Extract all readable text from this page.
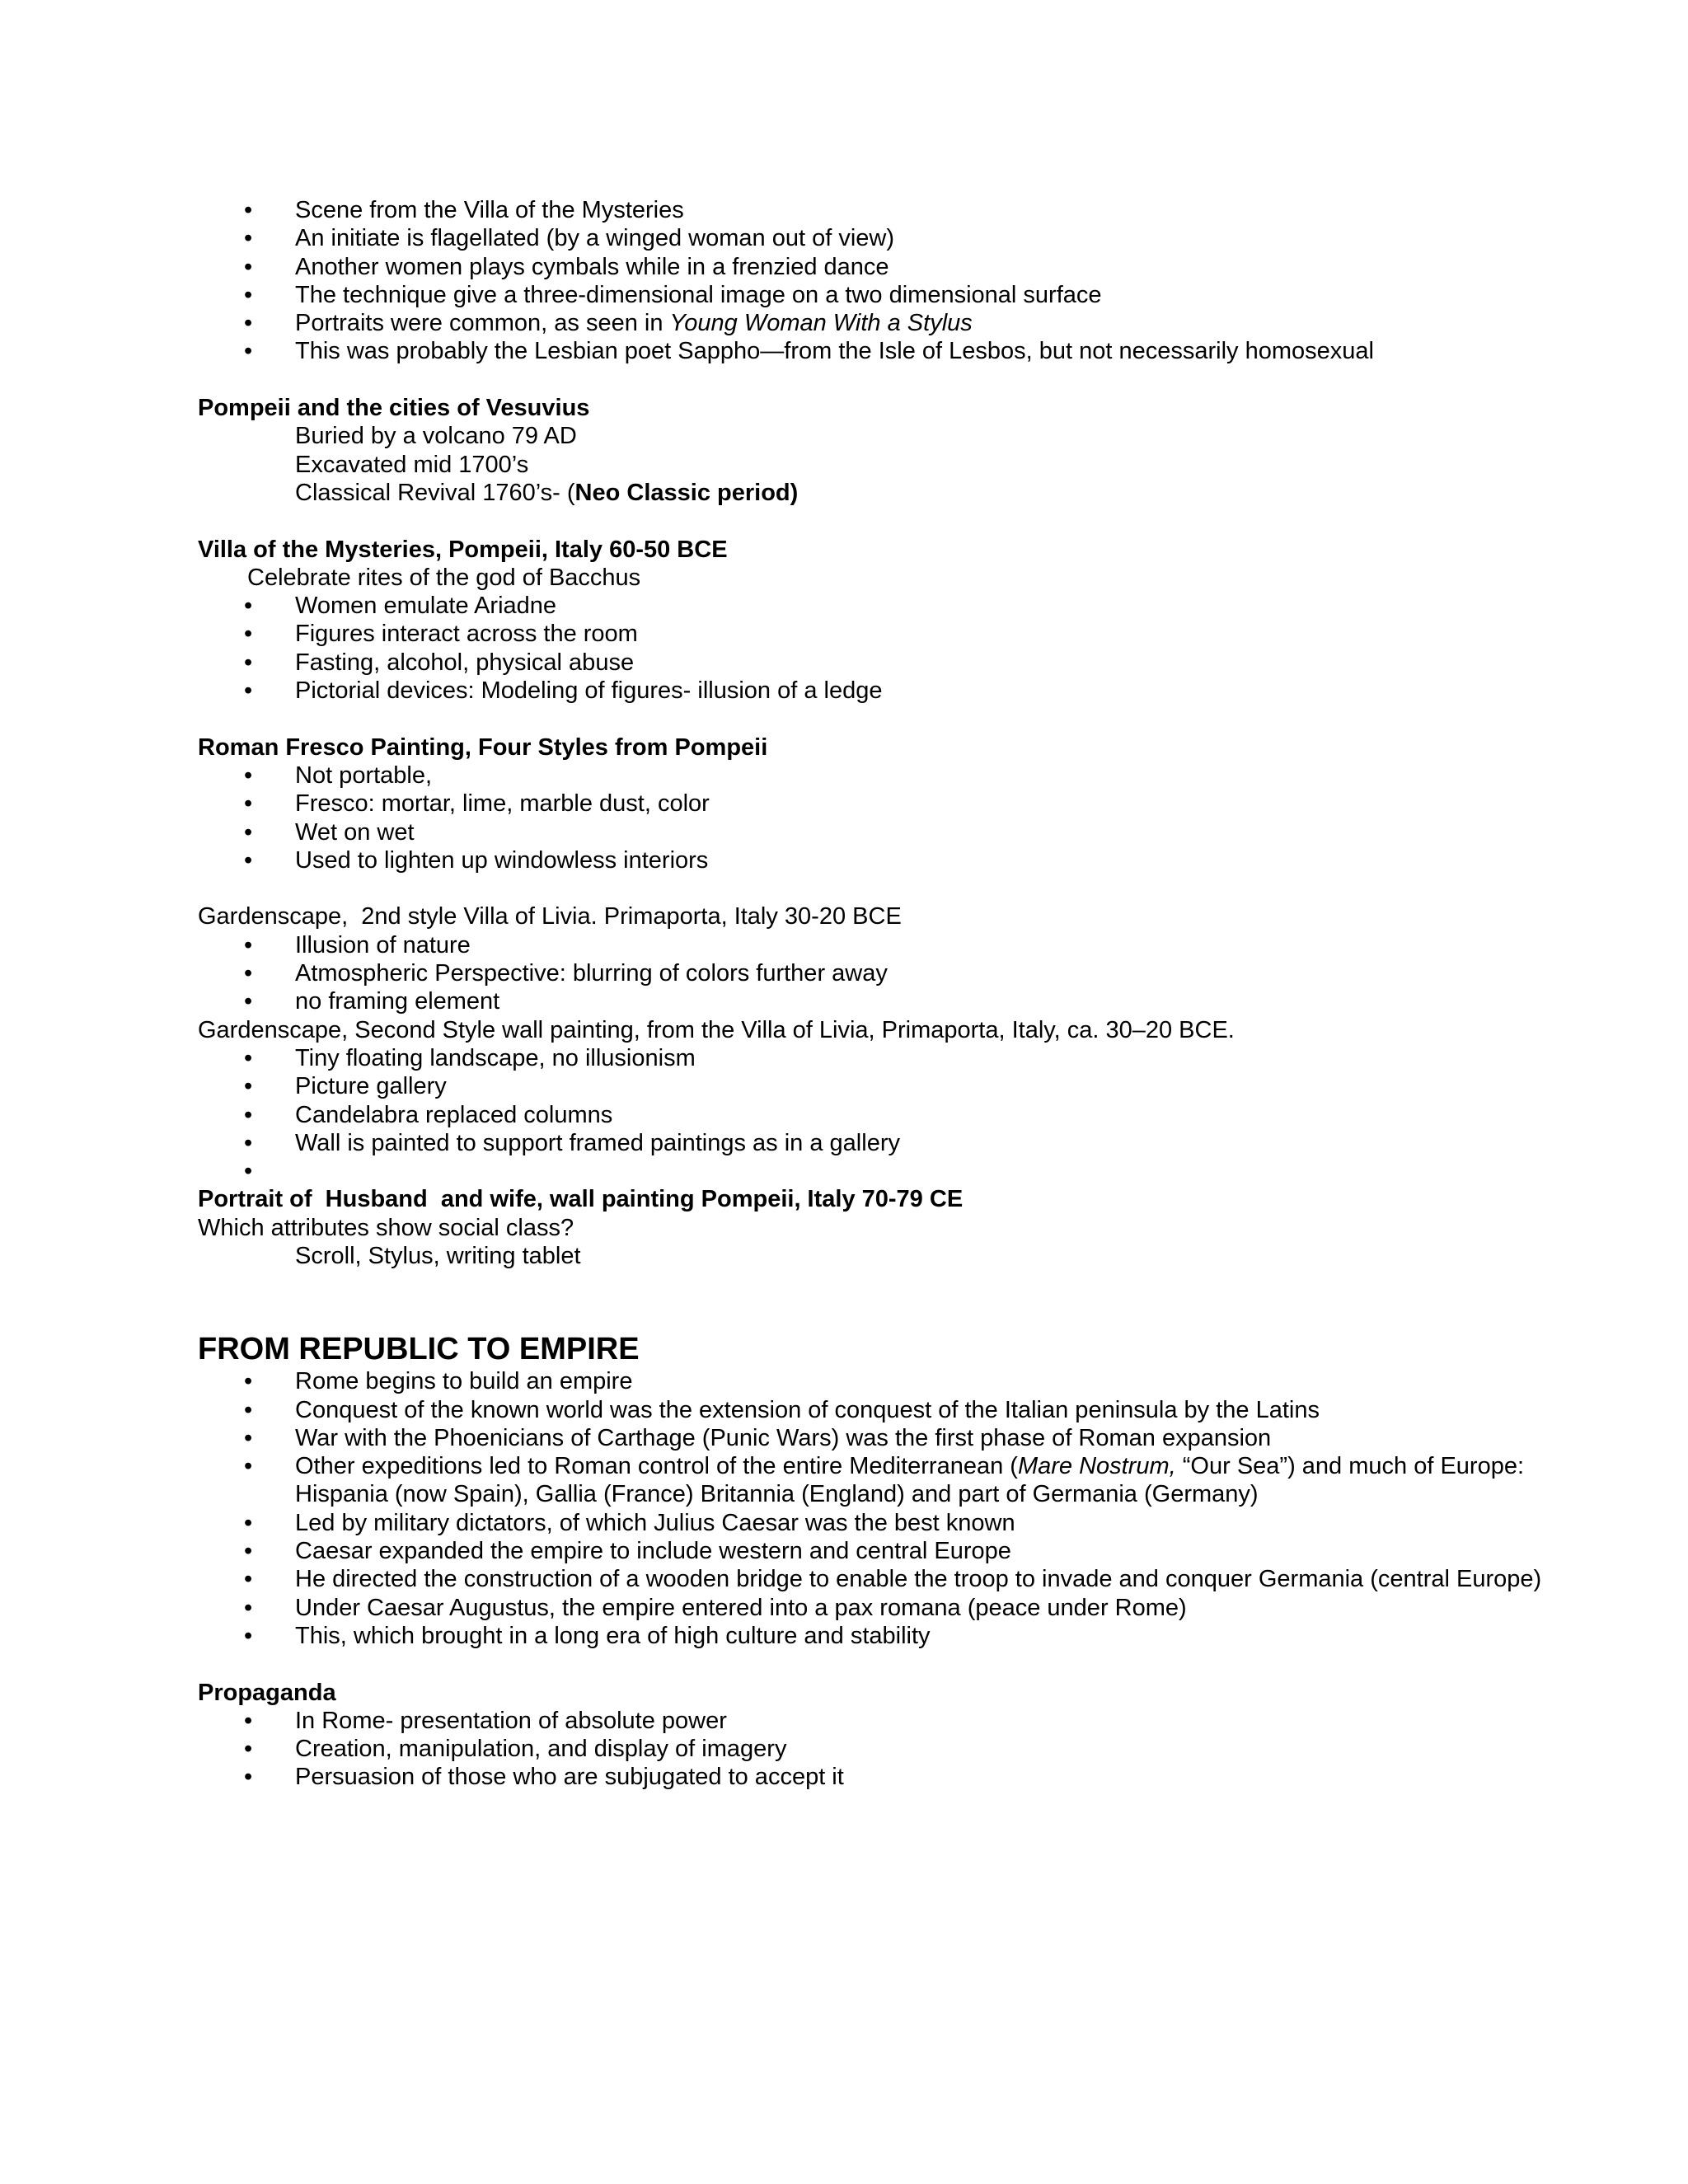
• Scene from the Villa of the Mysteries
• An initiate is flagellated (by a winged woman out of view)
• Another women plays cymbals while in a frenzied dance
• The technique give a three-dimensional image on a two dimensional surface
• Portraits were common, as seen in Young Woman With a Stylus
• This was probably the Lesbian poet Sappho—from the Isle of Lesbos, but not necessarily homosexual
Pompeii and the cities of Vesuvius
Buried by a volcano 79 AD
Excavated mid 1700’s
Classical Revival 1760’s- (Neo Classic period)
Villa of the Mysteries, Pompeii, Italy 60-50 BCE
Celebrate rites of the god of Bacchus
• Women emulate Ariadne
• Figures interact across the room
• Fasting, alcohol, physical abuse
• Pictorial devices: Modeling of figures- illusion of a ledge
Roman Fresco Painting, Four Styles from Pompeii
• Not portable,
• Fresco: mortar, lime, marble dust, color
• Wet on wet
• Used to lighten up windowless interiors
Gardenscape,  2nd style Villa of Livia. Primaporta, Italy 30-20 BCE
• Illusion of nature
• Atmospheric Perspective: blurring of colors further away
• no framing element
Gardenscape, Second Style wall painting, from the Villa of Livia, Primaporta, Italy, ca. 30–20 BCE.
• Tiny floating landscape, no illusionism
• Picture gallery
• Candelabra replaced columns
• Wall is painted to support framed paintings as in a gallery
•
Portrait of  Husband  and wife, wall painting Pompeii, Italy 70-79 CE
Which attributes show social class?
Scroll, Stylus, writing tablet
FROM REPUBLIC TO EMPIRE
• Rome begins to build an empire
• Conquest of the known world was the extension of conquest of the Italian peninsula by the Latins
• War with the Phoenicians of Carthage (Punic Wars) was the first phase of Roman expansion
• Other expeditions led to Roman control of the entire Mediterranean (Mare Nostrum, “Our Sea”) and much of Europe: Hispania (now Spain), Gallia (France) Britannia (England) and part of Germania (Germany)
• Led by military dictators, of which Julius Caesar was the best known
• Caesar expanded the empire to include western and central Europe
• He directed the construction of a wooden bridge to enable the troop to invade and conquer Germania (central Europe)
• Under Caesar Augustus, the empire entered into a pax romana (peace under Rome)
• This, which brought in a long era of high culture and stability
Propaganda
• In Rome- presentation of absolute power
• Creation, manipulation, and display of imagery
• Persuasion of those who are subjugated to accept it
